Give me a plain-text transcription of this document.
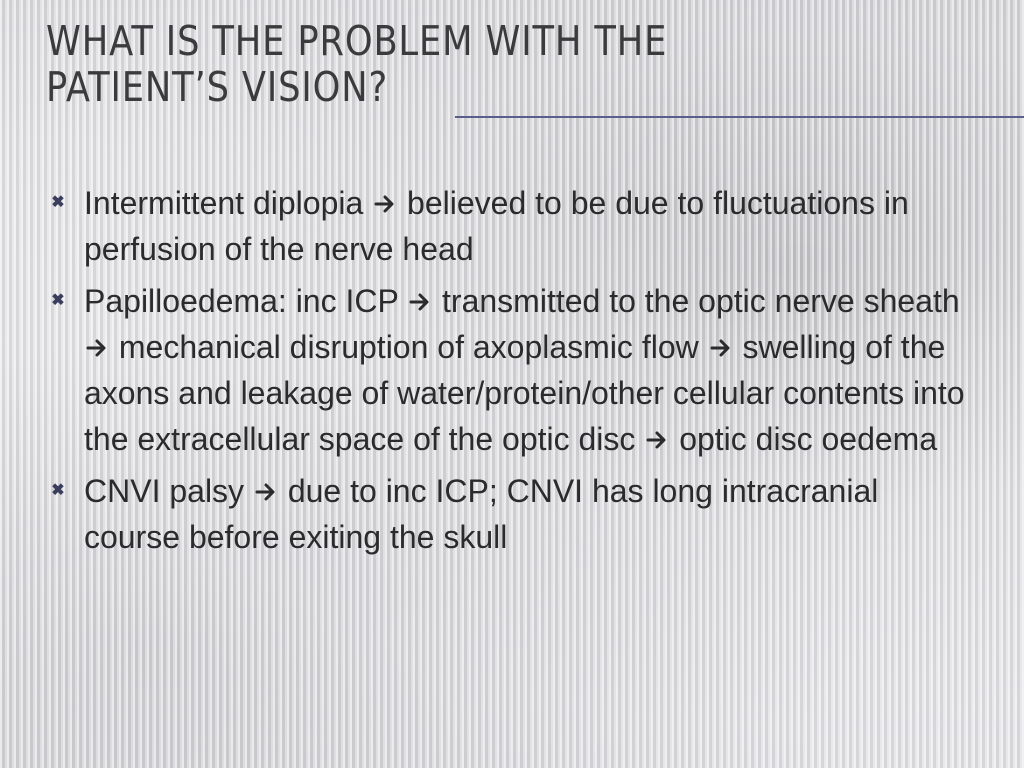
WHAT IS THE PROBLEM WITH THE PATIENT’S VISION?
✖ Intermittent diplopia believed to be due to fluctuations in perfusion of the nerve head
✖ Papilloedema: inc ICP transmitted to the optic nerve sheath  mechanical disruption of axoplasmic flow swelling of the axons and leakage of water/protein/other cellular contents into the extracellular space of the optic disc optic disc oedema
✖ CNVI palsy due to inc ICP; CNVI has long intracranial course before exiting the skull
